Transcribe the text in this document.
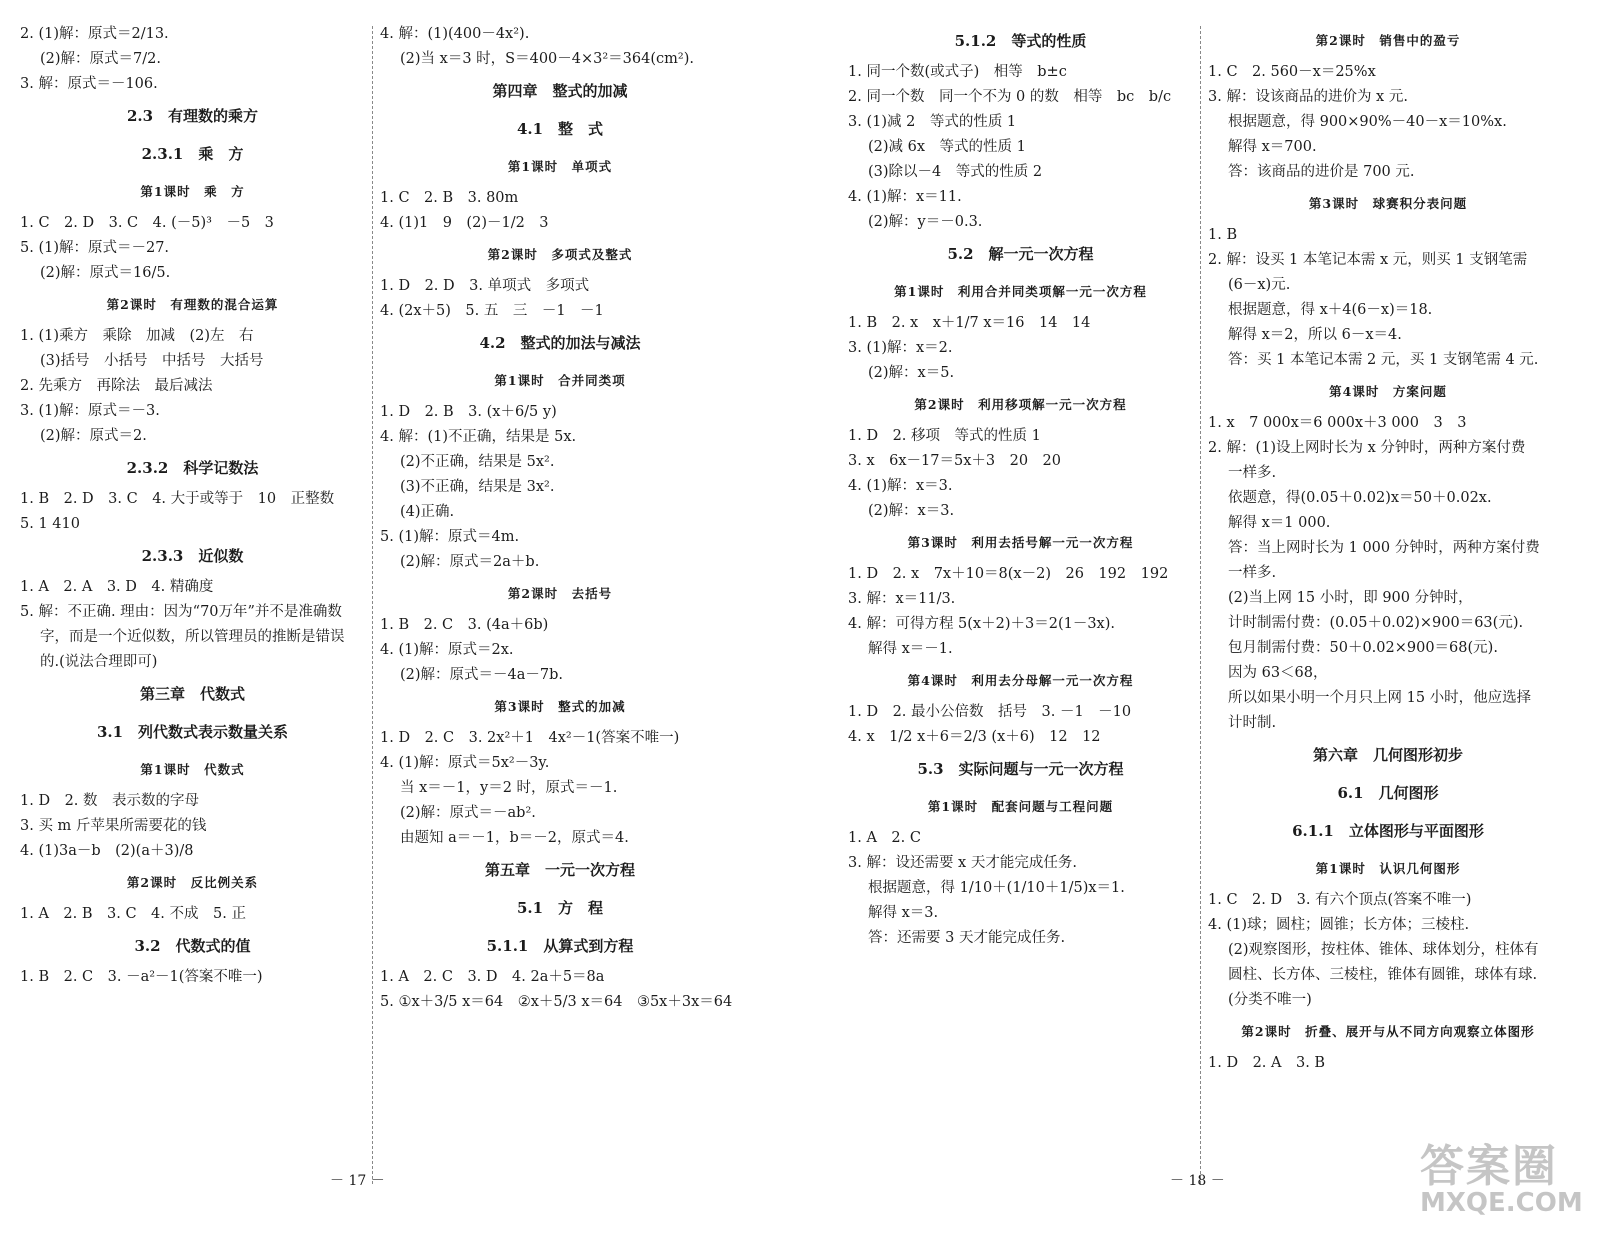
2. (1)解：原式＝2/13.
(2)解：原式＝7/2.
3. 解：原式＝－106.
2.3　有理数的乘方
2.3.1　乘　方
第1课时　乘　方
1. C　2. D　3. C　4. (－5)³　－5　3
5. (1)解：原式＝－27.
(2)解：原式＝16/5.
第2课时　有理数的混合运算
1. (1)乘方　乘除　加减　(2)左　右
(3)括号　小括号　中括号　大括号
2. 先乘方　再除法　最后减法
3. (1)解：原式＝－3.
(2)解：原式＝2.
2.3.2　科学记数法
1. B　2. D　3. C　4. 大于或等于　10　正整数
5. 1 410
2.3.3　近似数
1. A　2. A　3. D　4. 精确度
5. 解：不正确. 理由：因为“70万年”并不是准确数
字，而是一个近似数，所以管理员的推断是错误
的.(说法合理即可)
第三章　代数式
3.1　列代数式表示数量关系
第1课时　代数式
1. D　2. 数　表示数的字母
3. 买 m 斤苹果所需要花的钱
4. (1)3a－b　(2)(a＋3)/8
第2课时　反比例关系
1. A　2. B　3. C　4. 不成　5. 正
3.2　代数式的值
1. B　2. C　3. －a²－1(答案不唯一)
4. 解：(1)(400－4x²).
(2)当 x＝3 时，S＝400－4×3²＝364(cm²).
第四章　整式的加减
4.1　整　式
第1课时　单项式
1. C　2. B　3. 80m
4. (1)1　9　(2)－1/2　3
第2课时　多项式及整式
1. D　2. D　3. 单项式　多项式
4. (2x＋5)　5. 五　三　－1　－1
4.2　整式的加法与减法
第1课时　合并同类项
1. D　2. B　3. (x＋6/5 y)
4. 解：(1)不正确，结果是 5x.
(2)不正确，结果是 5x².
(3)不正确，结果是 3x².
(4)正确.
5. (1)解：原式＝4m.
(2)解：原式＝2a＋b.
第2课时　去括号
1. B　2. C　3. (4a＋6b)
4. (1)解：原式＝2x.
(2)解：原式＝－4a－7b.
第3课时　整式的加减
1. D　2. C　3. 2x²＋1　4x²－1(答案不唯一)
4. (1)解：原式＝5x²－3y.
当 x＝－1，y＝2 时，原式＝－1.
(2)解：原式＝－ab².
由题知 a＝－1，b＝－2，原式＝4.
第五章　一元一次方程
5.1　方　程
5.1.1　从算式到方程
1. A　2. C　3. D　4. 2a＋5＝8a
5. ①x＋3/5 x＝64　②x＋5/3 x＝64　③5x＋3x＝64
5.1.2　等式的性质
1. 同一个数(或式子)　相等　b±c
2. 同一个数　同一个不为 0 的数　相等　bc　b/c
3. (1)减 2　等式的性质 1
(2)减 6x　等式的性质 1
(3)除以－4　等式的性质 2
4. (1)解：x＝11.
(2)解：y＝－0.3.
5.2　解一元一次方程
第1课时　利用合并同类项解一元一次方程
1. B　2. x　x＋1/7 x＝16　14　14
3. (1)解：x＝2.
(2)解：x＝5.
第2课时　利用移项解一元一次方程
1. D　2. 移项　等式的性质 1
3. x　6x－17＝5x＋3　20　20
4. (1)解：x＝3.
(2)解：x＝3.
第3课时　利用去括号解一元一次方程
1. D　2. x　7x＋10＝8(x－2)　26　192　192
3. 解：x＝11/3.
4. 解：可得方程 5(x＋2)＋3＝2(1－3x).
解得 x＝－1.
第4课时　利用去分母解一元一次方程
1. D　2. 最小公倍数　括号　3. －1　－10
4. x　1/2 x＋6＝2/3 (x＋6)　12　12
5.3　实际问题与一元一次方程
第1课时　配套问题与工程问题
1. A　2. C
3. 解：设还需要 x 天才能完成任务.
根据题意，得 1/10＋(1/10＋1/5)x＝1.
解得 x＝3.
答：还需要 3 天才能完成任务.
第2课时　销售中的盈亏
1. C　2. 560－x＝25%x
3. 解：设该商品的进价为 x 元.
根据题意，得 900×90%－40－x＝10%x.
解得 x＝700.
答：该商品的进价是 700 元.
第3课时　球赛积分表问题
1. B
2. 解：设买 1 本笔记本需 x 元，则买 1 支钢笔需
(6－x)元.
根据题意，得 x＋4(6－x)＝18.
解得 x＝2，所以 6－x＝4.
答：买 1 本笔记本需 2 元，买 1 支钢笔需 4 元.
第4课时　方案问题
1. x　7 000x＝6 000x＋3 000　3　3
2. 解：(1)设上网时长为 x 分钟时，两种方案付费
一样多.
依题意，得(0.05＋0.02)x＝50＋0.02x.
解得 x＝1 000.
答：当上网时长为 1 000 分钟时，两种方案付费
一样多.
(2)当上网 15 小时，即 900 分钟时，
计时制需付费：(0.05＋0.02)×900＝63(元).
包月制需付费：50＋0.02×900＝68(元).
因为 63＜68，
所以如果小明一个月只上网 15 小时，他应选择
计时制.
第六章　几何图形初步
6.1　几何图形
6.1.1　立体图形与平面图形
第1课时　认识几何图形
1. C　2. D　3. 有六个顶点(答案不唯一)
4. (1)球；圆柱；圆锥；长方体；三棱柱.
(2)观察图形，按柱体、锥体、球体划分，柱体有
圆柱、长方体、三棱柱，锥体有圆锥，球体有球.
(分类不唯一)
第2课时　折叠、展开与从不同方向观察立体图形
1. D　2. A　3. B
－ 17 －	－ 18 －	答案圈
MXQE.COM
